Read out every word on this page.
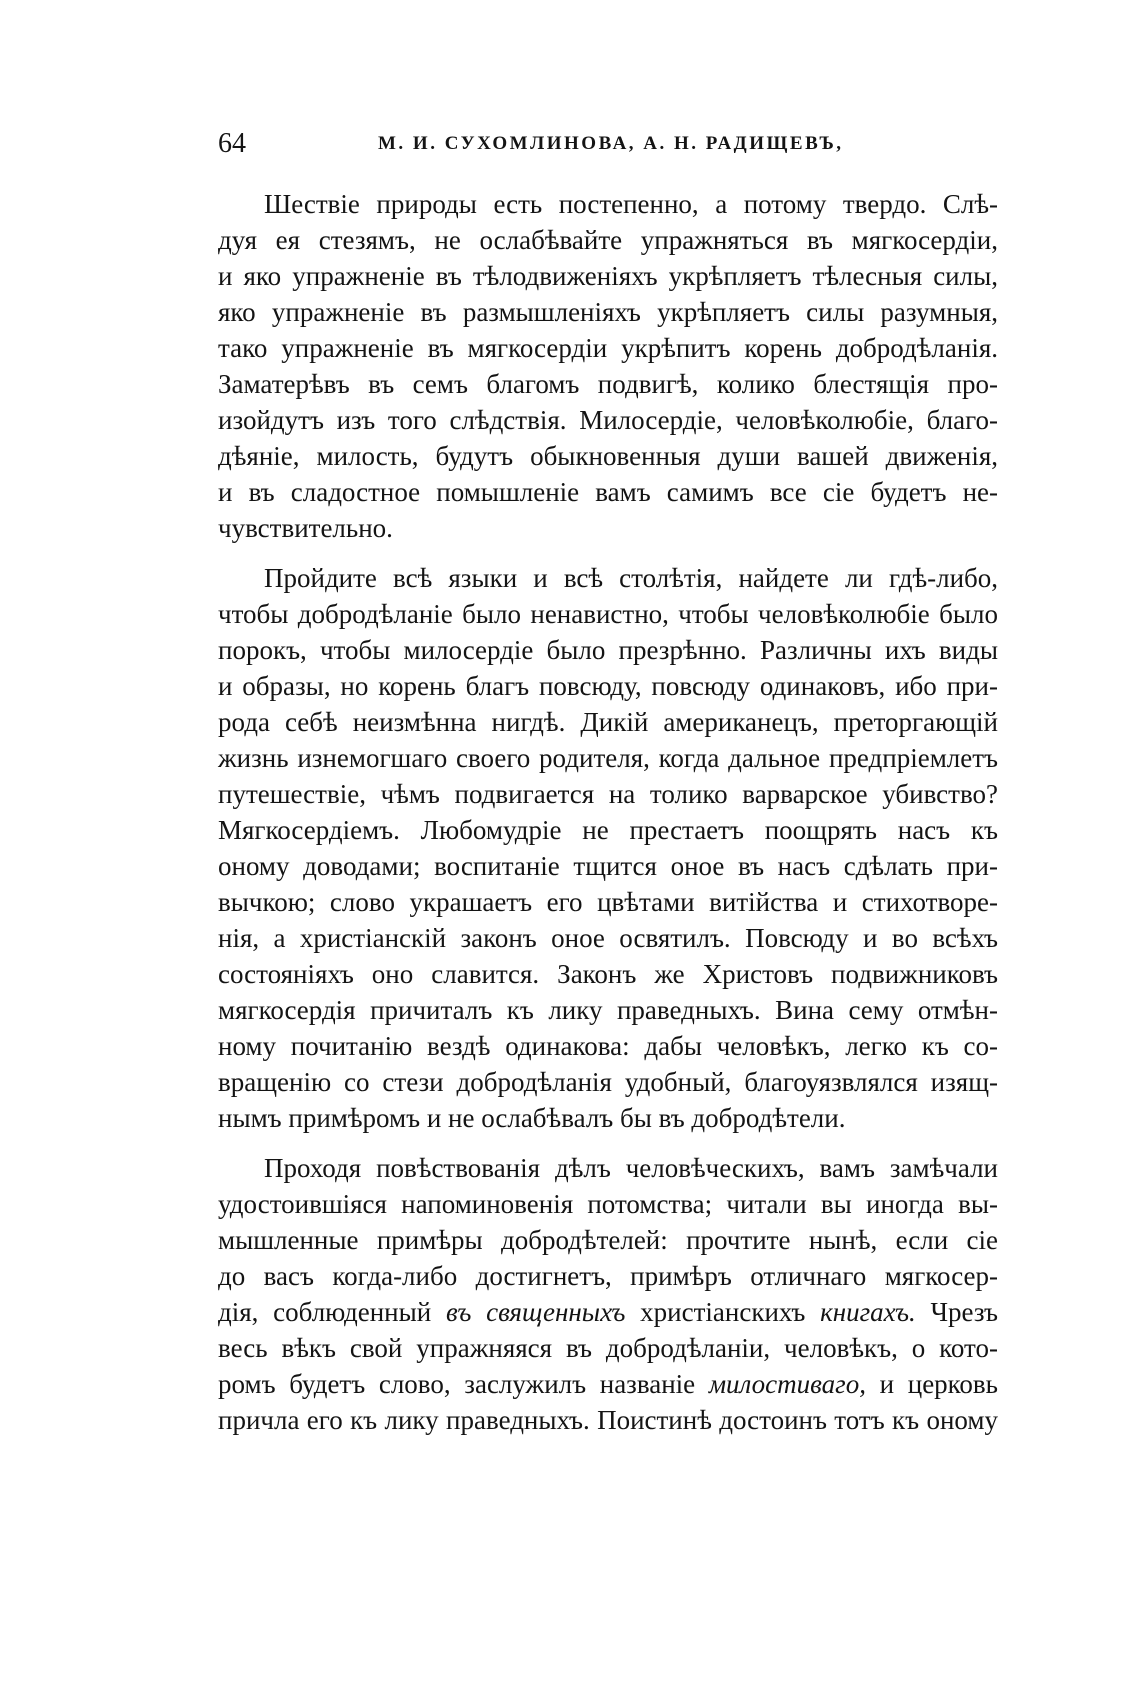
64	М. И. СУХОМЛИНОВА, А. Н. РАДИЩЕВЪ,
Шествiе природы есть постепенно, а потому твердо. Слѣ-
дуя ея стезямъ, не ослабѣвайте упражняться въ мягкосердiи,
и яко упражненiе въ тѣлодвиженiяхъ укрѣпляетъ тѣлесныя силы,
яко упражненiе въ размышленiяхъ укрѣпляетъ силы разумныя,
тако упражненiе въ мягкосердiи укрѣпитъ корень добродѣланiя.
Заматерѣвъ въ семъ благомъ подвигѣ, колико блестящiя про-
изойдутъ изъ того слѣдствiя. Милосердiе, человѣколюбiе, благо-
дѣянiе, милость, будутъ обыкновенныя души вашей движенiя,
и въ сладостное помышленiе вамъ самимъ все сiе будетъ не-
чувствительно.
Пройдите всѣ языки и всѣ столѣтiя, найдете ли гдѣ-либо,
чтобы добродѣланiе было ненавистно, чтобы человѣколюбiе было
порокъ, чтобы милосердiе было презрѣнно. Различны ихъ виды
и образы, но корень благъ повсюду, повсюду одинаковъ, ибо при-
рода себѣ неизмѣнна нигдѣ. Дикiй американецъ, преторгающiй
жизнь изнемогшаго своего родителя, когда дальное предпрiемлетъ
путешествiе, чѣмъ подвигается на толико варварское убивство?
Мягкосердiемъ. Любомудрiе не престаетъ поощрять насъ къ
оному доводами; воспитанiе тщится оное въ насъ сдѣлать при-
вычкою; слово украшаетъ его цвѣтами витiйства и стихотворе-
нiя, а христiанскiй законъ оное освятилъ. Повсюду и во всѣхъ
состоянiяхъ оно славится. Законъ же Христовъ подвижниковъ
мягкосердiя причиталъ къ лику праведныхъ. Вина сему отмѣн-
ному почитанiю вездѣ одинакова: дабы человѣкъ, легко къ со-
вращенiю со стези добродѣланiя удобный, благоуязвлялся изящ-
нымъ примѣромъ и не ослабѣвалъ бы въ добродѣтели.
Проходя повѣствованiя дѣлъ человѣческихъ, вамъ замѣчали
удостоившiяся напоминовенiя потомства; читали вы иногда вы-
мышленные примѣры добродѣтелей: прочтите нынѣ, если сiе
до васъ когда-либо достигнетъ, примѣръ отличнаго мягкосер-
дiя, соблюденный въ священныхъ христiанскихъ книгахъ. Чрезъ
весь вѣкъ свой упражняяся въ добродѣланiи, человѣкъ, о кото-
ромъ будетъ слово, заслужилъ названiе милостиваго, и церковь
причла его къ лику праведныхъ. Поистинѣ достоинъ тотъ къ оному
